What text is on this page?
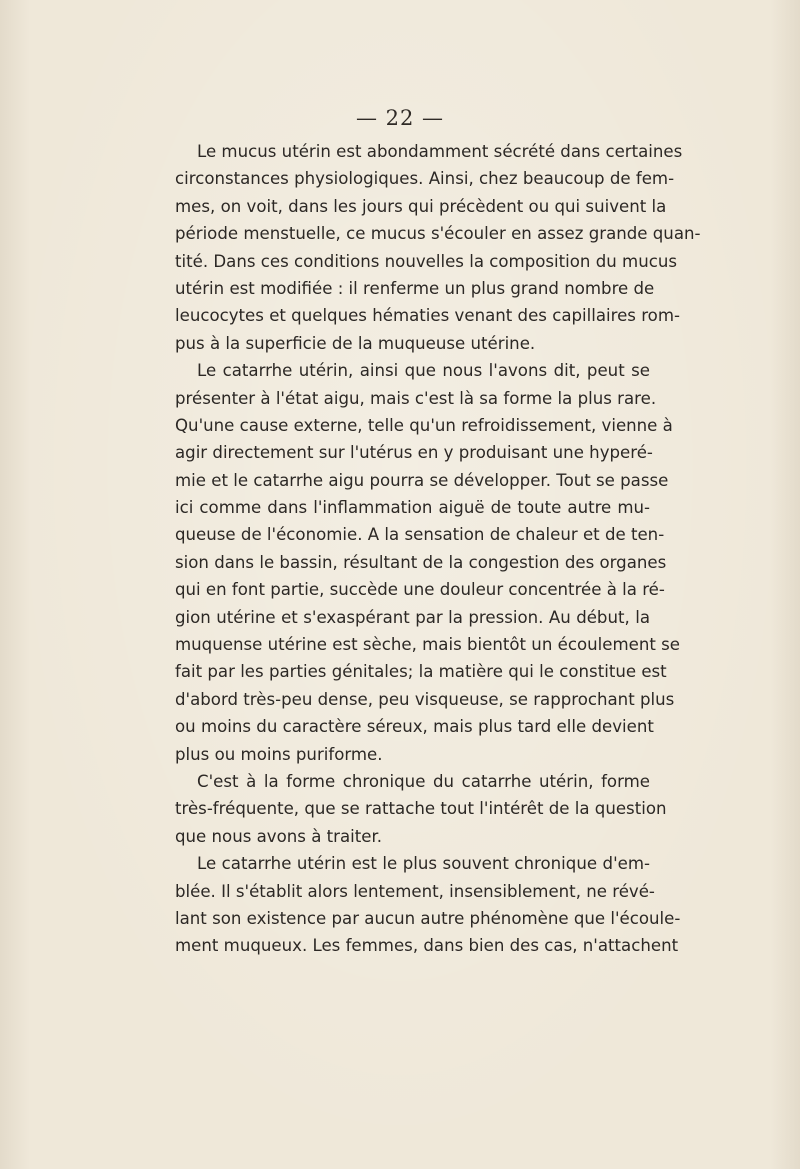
— 22 —
Le mucus utérin est abondamment sécrété dans certaines
circonstances physiologiques. Ainsi, chez beaucoup de fem-
mes, on voit, dans les jours qui précèdent ou qui suivent la
période menstuelle, ce mucus s'écouler en assez grande quan-
tité. Dans ces conditions nouvelles la composition du mucus
utérin est modifiée : il renferme un plus grand nombre de
leucocytes et quelques hématies venant des capillaires rom-
pus à la superficie de la muqueuse utérine.
Le catarrhe utérin, ainsi que nous l'avons dit, peut se
présenter à l'état aigu, mais c'est là sa forme la plus rare.
Qu'une cause externe, telle qu'un refroidissement, vienne à
agir directement sur l'utérus en y produisant une hyperé-
mie et le catarrhe aigu pourra se développer. Tout se passe
ici comme dans l'inflammation aiguë de toute autre mu-
queuse de l'économie. A la sensation de chaleur et de ten-
sion dans le bassin, résultant de la congestion des organes
qui en font partie, succède une douleur concentrée à la ré-
gion utérine et s'exaspérant par la pression. Au début, la
muquense utérine est sèche, mais bientôt un écoulement se
fait par les parties génitales; la matière qui le constitue est
d'abord très-peu dense, peu visqueuse, se rapprochant plus
ou moins du caractère séreux, mais plus tard elle devient
plus ou moins puriforme.
C'est à la forme chronique du catarrhe utérin, forme
très-fréquente, que se rattache tout l'intérêt de la question
que nous avons à traiter.
Le catarrhe utérin est le plus souvent chronique d'em-
blée. Il s'établit alors lentement, insensiblement, ne révé-
lant son existence par aucun autre phénomène que l'écoule-
ment muqueux. Les femmes, dans bien des cas, n'attachent
